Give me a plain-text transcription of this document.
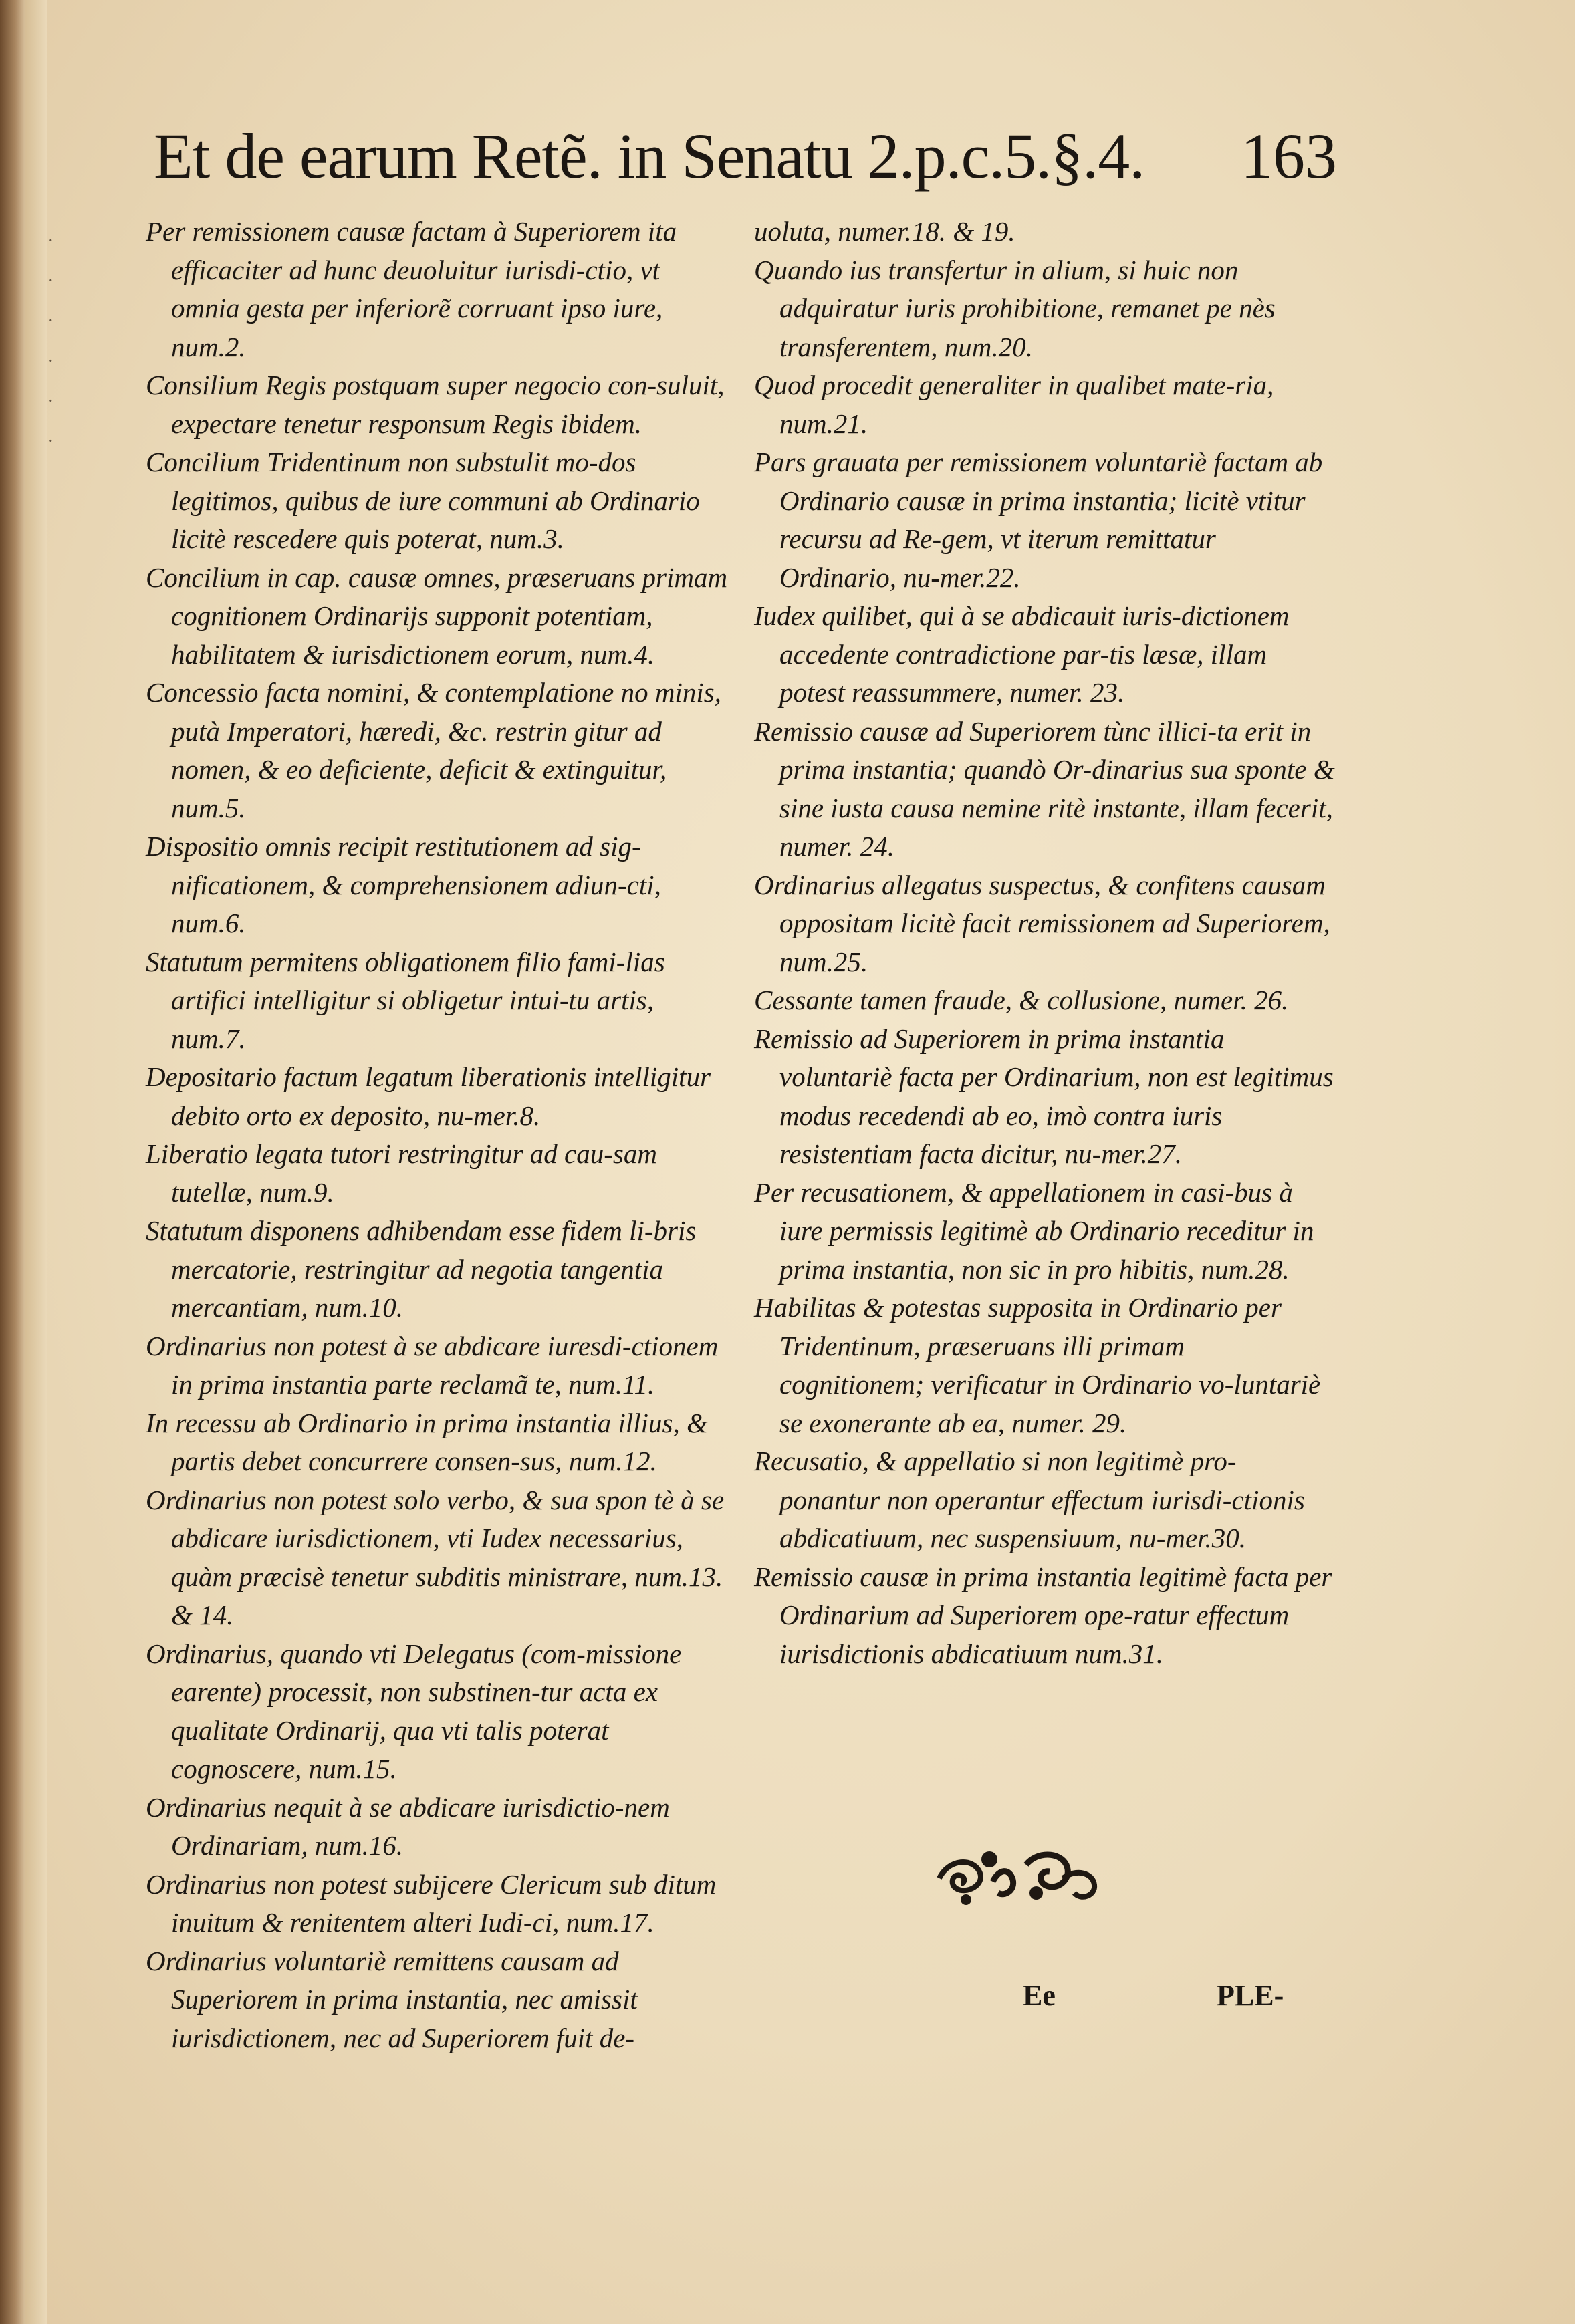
·
·
·
·
·
·
Et de earum Retẽ. in Senatu 2.p.c.5.§.4. 163
Per remissionem causæ factam à Superiorem ita efficaciter ad hunc deuoluitur iurisdi-ctio, vt omnia gesta per inferiorẽ corruant ipso iure, num.2.
Consilium Regis postquam super negocio con-suluit, expectare tenetur responsum Regis ibidem.
Concilium Tridentinum non substulit mo-dos legitimos, quibus de iure communi ab Ordinario licitè rescedere quis poterat, num.3.
Concilium in cap. causæ omnes, præseruans primam cognitionem Ordinarijs supponit potentiam, habilitatem & iurisdictionem eorum, num.4.
Concessio facta nomini, & contemplatione no minis, putà Imperatori, hæredi, &c. restrin gitur ad nomen, & eo deficiente, deficit & extinguitur, num.5.
Dispositio omnis recipit restitutionem ad sig-nificationem, & comprehensionem adiun-cti, num.6.
Statutum permitens obligationem filio fami-lias artifici intelligitur si obligetur intui-tu artis, num.7.
Depositario factum legatum liberationis intelligitur debito orto ex deposito, nu-mer.8.
Liberatio legata tutori restringitur ad cau-sam tutellæ, num.9.
Statutum disponens adhibendam esse fidem li-bris mercatorie, restringitur ad negotia tangentia mercantiam, num.10.
Ordinarius non potest à se abdicare iuresdi-ctionem in prima instantia parte reclamã te, num.11.
In recessu ab Ordinario in prima instantia illius, & partis debet concurrere consen-sus, num.12.
Ordinarius non potest solo verbo, & sua spon tè à se abdicare iurisdictionem, vti Iudex necessarius, quàm præcisè tenetur subditis ministrare, num.13. & 14.
Ordinarius, quando vti Delegatus (com-missione earente) processit, non substinen-tur acta ex qualitate Ordinarij, qua vti talis poterat cognoscere, num.15.
Ordinarius nequit à se abdicare iurisdictio-nem Ordinariam, num.16.
Ordinarius non potest subijcere Clericum sub ditum inuitum & renitentem alteri Iudi-ci, num.17.
Ordinarius voluntariè remittens causam ad Superiorem in prima instantia, nec amissit iurisdictionem, nec ad Superiorem fuit de-
uoluta, numer.18. & 19.
Quando ius transfertur in alium, si huic non adquiratur iuris prohibitione, remanet pe nès transferentem, num.20.
Quod procedit generaliter in qualibet mate-ria, num.21.
Pars grauata per remissionem voluntariè factam ab Ordinario causæ in prima instantia; licitè vtitur recursu ad Re-gem, vt iterum remittatur Ordinario, nu-mer.22.
Iudex quilibet, qui à se abdicauit iuris-dictionem accedente contradictione par-tis læsæ, illam potest reassummere, numer. 23.
Remissio causæ ad Superiorem tùnc illici-ta erit in prima instantia; quandò Or-dinarius sua sponte & sine iusta causa nemine ritè instante, illam fecerit, numer. 24.
Ordinarius allegatus suspectus, & confitens causam oppositam licitè facit remissionem ad Superiorem, num.25.
Cessante tamen fraude, & collusione, numer. 26.
Remissio ad Superiorem in prima instantia voluntariè facta per Ordinarium, non est legitimus modus recedendi ab eo, imò contra iuris resistentiam facta dicitur, nu-mer.27.
Per recusationem, & appellationem in casi-bus à iure permissis legitimè ab Ordinario receditur in prima instantia, non sic in pro hibitis, num.28.
Habilitas & potestas supposita in Ordinario per Tridentinum, præseruans illi primam cognitionem; verificatur in Ordinario vo-luntariè se exonerante ab ea, numer. 29.
Recusatio, & appellatio si non legitimè pro-ponantur non operantur effectum iurisdi-ctionis abdicatiuum, nec suspensiuum, nu-mer.30.
Remissio causæ in prima instantia legitimè facta per Ordinarium ad Superiorem ope-ratur effectum iurisdictionis abdicatiuum num.31.
Ee	PLE-
